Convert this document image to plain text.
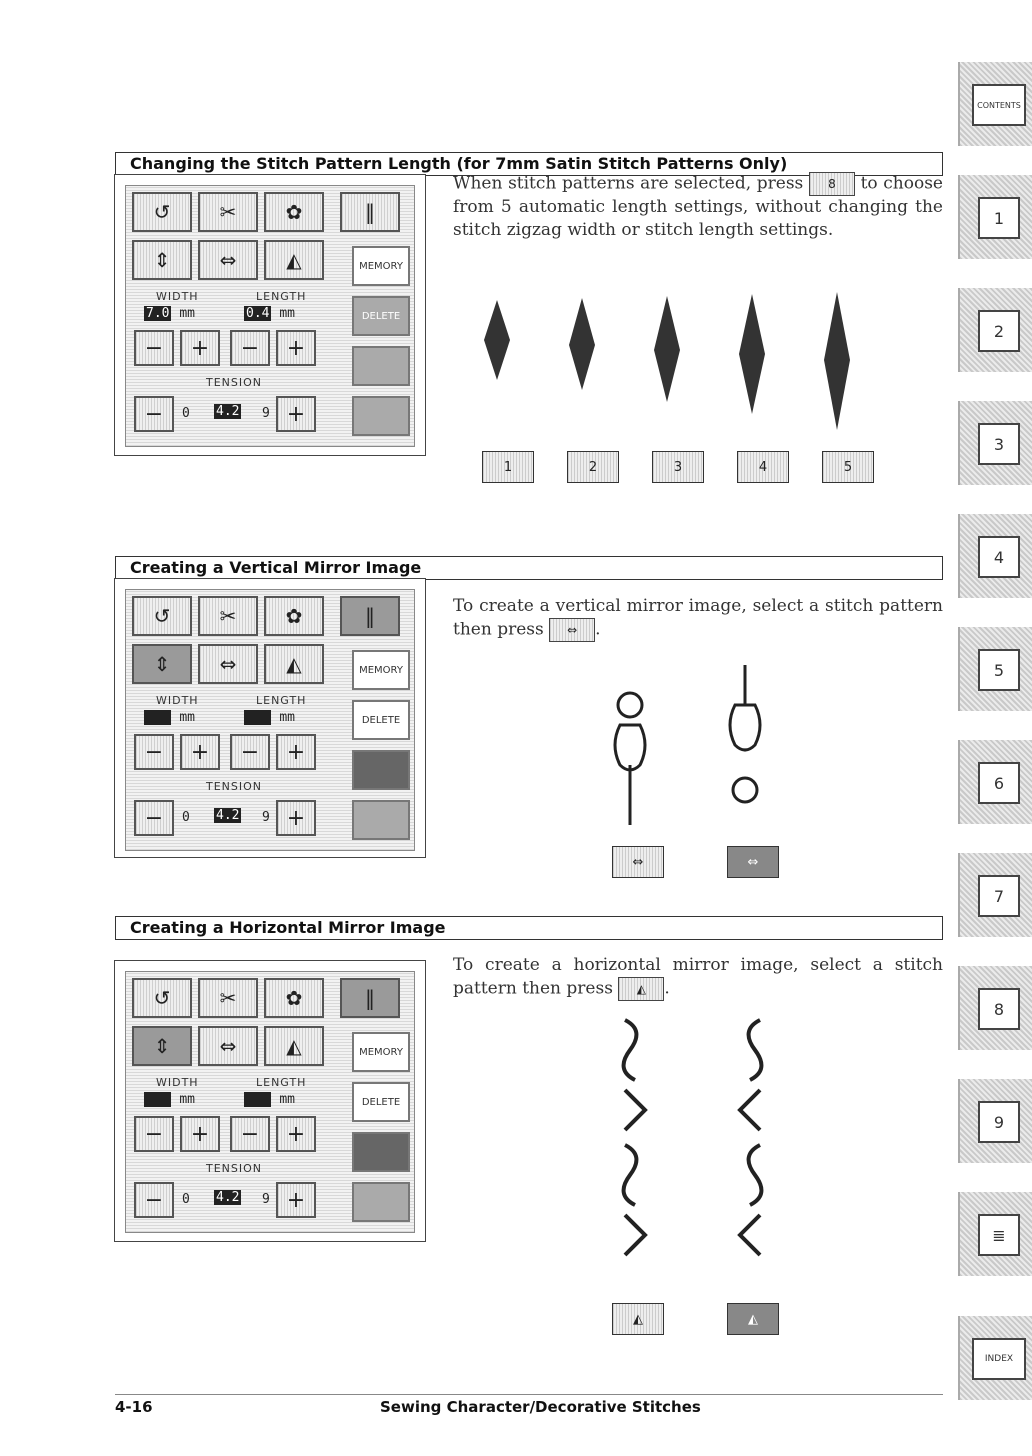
Changing the Stitch Pattern Length (for 7mm Satin Stitch Patterns Only)
↺	✂	✿	‖
⇕	⇔	◭	MEMORY
WIDTH	LENGTH
7.0 mm	0.4 mm	DELETE
−	+	−	+
TENSION
−	0 4.2 9 +
When stitch patterns are selected, press 8 to choose from 5 automatic length settings, without changing the stitch zigzag width or stitch length settings.
1	2	3	4	5
Creating a Vertical Mirror Image
↺	✂	✿	‖
⇕	⇔	◭	MEMORY
WIDTH	LENGTH
mm	mm	DELETE
−	+	−	+
TENSION
−	0 4.2 9 +
To create a vertical mirror image, select a stitch pattern then press ⇔ .
⇔	⇔
Creating a Horizontal Mirror Image
↺	✂	✿	‖
⇕	⇔	◭	MEMORY
WIDTH	LENGTH
mm	mm	DELETE
−	+	−	+
TENSION
−	0 4.2 9 +
To create a horizontal mirror image, select a stitch pattern then press ◭ .
◭	◭
CONTENTS
1
2
3
4
5
6
7
8
9
≣
INDEX
4-16	Sewing Character/Decorative Stitches
